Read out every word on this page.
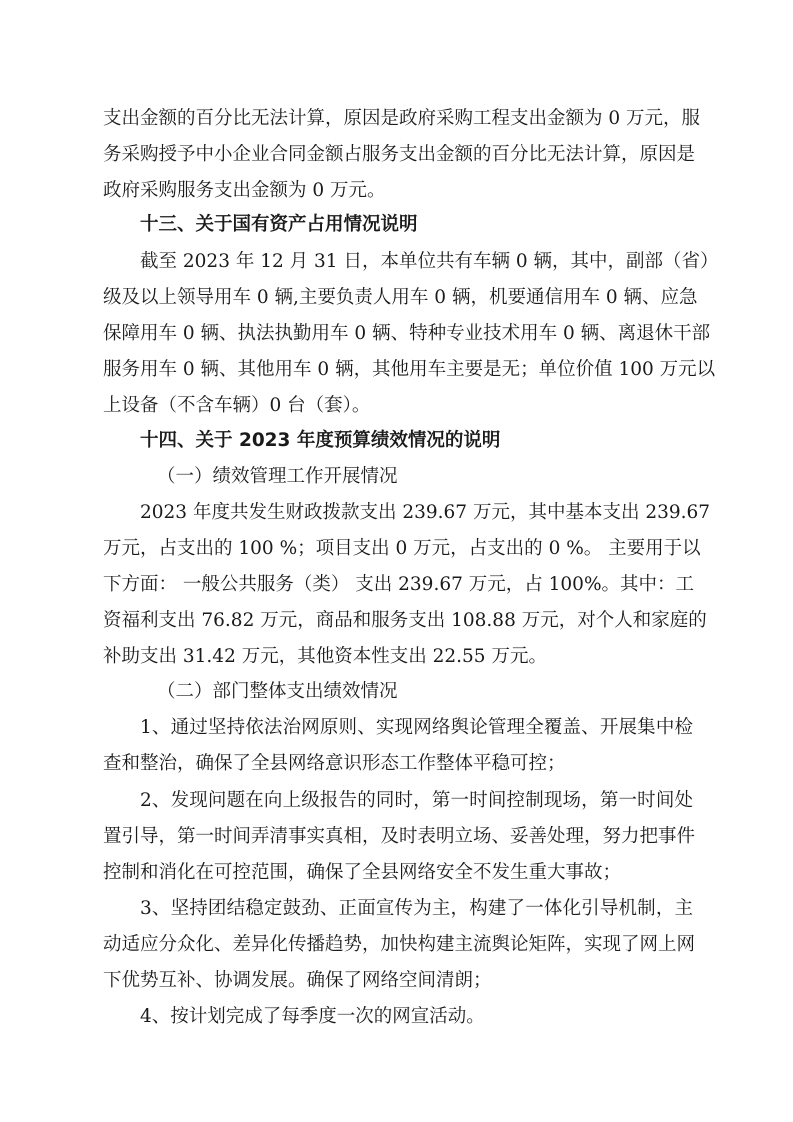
支出金额的百分比无法计算，原因是政府采购工程支出金额为 0 万元，服
务采购授予中小企业合同金额占服务支出金额的百分比无法计算，原因是
政府采购服务支出金额为 0 万元。
十三、关于国有资产占用情况说明
截至 2023 年 12 月 31 日，本单位共有车辆 0 辆，其中，副部（省）
级及以上领导用车 0 辆,主要负责人用车 0 辆，机要通信用车 0 辆、应急
保障用车 0 辆、执法执勤用车 0 辆、特种专业技术用车 0 辆、离退休干部
服务用车 0 辆、其他用车 0 辆，其他用车主要是无；单位价值 100 万元以
上设备（不含车辆）0 台（套）。
十四、关于 2023 年度预算绩效情况的说明
（一）绩效管理工作开展情况
2023 年度共发生财政拨款支出 239.67 万元，其中基本支出 239.67
万元，占支出的 100 %；项目支出 0 万元，占支出的 0 %。 主要用于以
下方面： 一般公共服务（类） 支出 239.67 万元，占 100%。其中：工
资福利支出 76.82 万元，商品和服务支出 108.88 万元，对个人和家庭的
补助支出 31.42 万元，其他资本性支出 22.55 万元。
（二）部门整体支出绩效情况
1、通过坚持依法治网原则、实现网络舆论管理全覆盖、开展集中检
查和整治，确保了全县网络意识形态工作整体平稳可控；
2、发现问题在向上级报告的同时，第一时间控制现场，第一时间处
置引导，第一时间弄清事实真相，及时表明立场、妥善处理，努力把事件
控制和消化在可控范围，确保了全县网络安全不发生重大事故；
3、坚持团结稳定鼓劲、正面宣传为主，构建了一体化引导机制，主
动适应分众化、差异化传播趋势，加快构建主流舆论矩阵，实现了网上网
下优势互补、协调发展。确保了网络空间清朗；
4、按计划完成了每季度一次的网宣活动。
